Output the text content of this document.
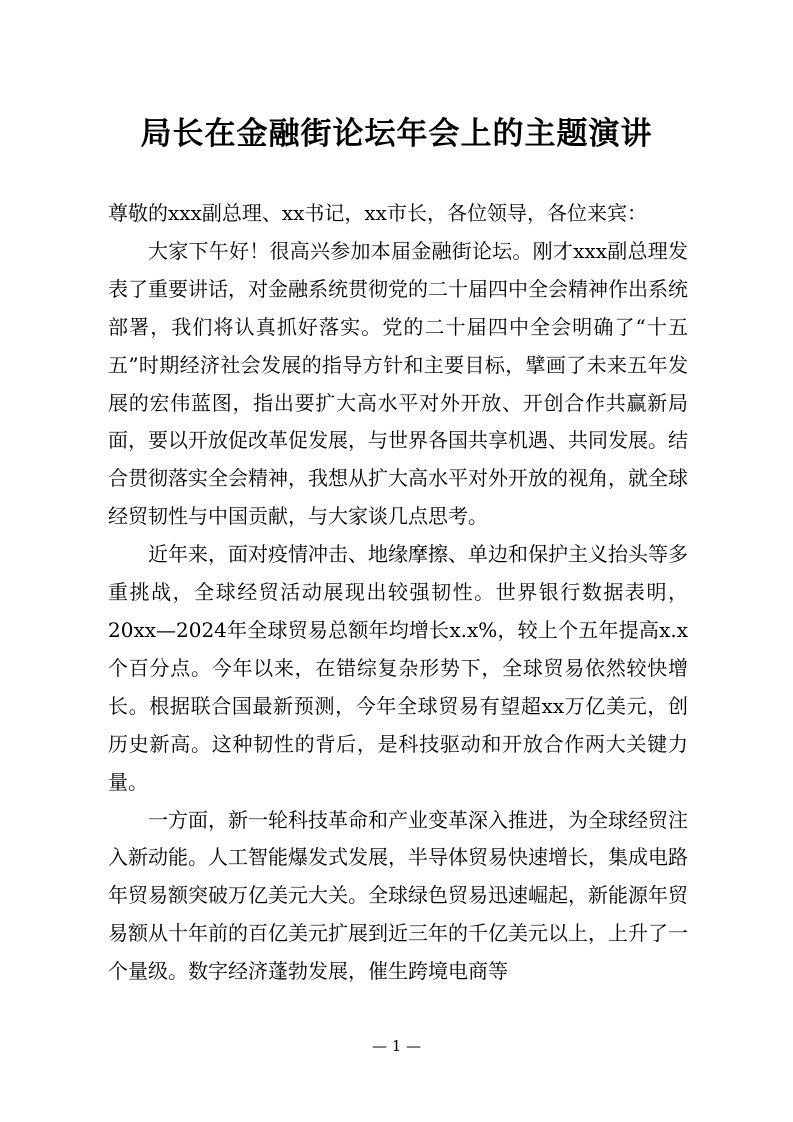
局长在金融街论坛年会上的主题演讲

尊敬的xxx副总理、xx书记，xx市长，各位领导，各位来宾：

大家下午好！很高兴参加本届金融街论坛。刚才xxx副总理发表了重要讲话，对金融系统贯彻党的二十届四中全会精神作出系统部署，我们将认真抓好落实。党的二十届四中全会明确了“十五五”时期经济社会发展的指导方针和主要目标，擘画了未来五年发展的宏伟蓝图，指出要扩大高水平对外开放、开创合作共赢新局面，要以开放促改革促发展，与世界各国共享机遇、共同发展。结合贯彻落实全会精神，我想从扩大高水平对外开放的视角，就全球经贸韧性与中国贡献，与大家谈几点思考。

近年来，面对疫情冲击、地缘摩擦、单边和保护主义抬头等多重挑战，全球经贸活动展现出较强韧性。世界银行数据表明，20xx—2024年全球贸易总额年均增长x.x%，较上个五年提高x.x个百分点。今年以来，在错综复杂形势下，全球贸易依然较快增长。根据联合国最新预测，今年全球贸易有望超xx万亿美元，创历史新高。这种韧性的背后，是科技驱动和开放合作两大关键力量。

一方面，新一轮科技革命和产业变革深入推进，为全球经贸注入新动能。人工智能爆发式发展，半导体贸易快速增长，集成电路年贸易额突破万亿美元大关。全球绿色贸易迅速崛起，新能源年贸易额从十年前的百亿美元扩展到近三年的千亿美元以上，上升了一个量级。数字经济蓬勃发展，催生跨境电商等

— 1 —
